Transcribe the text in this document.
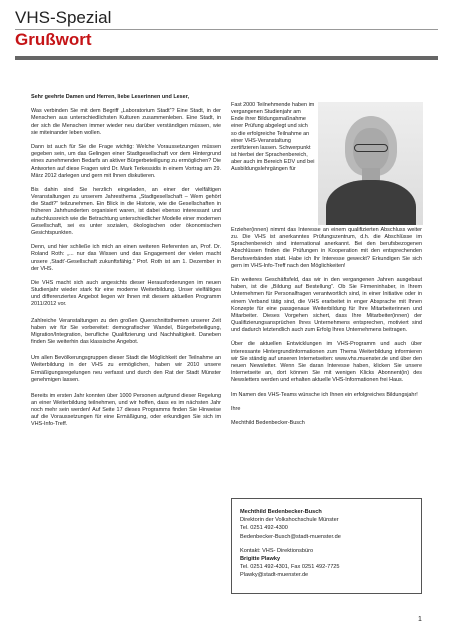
VHS-Spezial
Grußwort

Sehr geehrte Damen und Herren, liebe Leserinnen und Leser,

Was verbinden Sie mit dem Begriff „Laboratorium Stadt“? Eine Stadt, in der Menschen aus unterschiedlichsten Kulturen zusammenleben. Eine Stadt, in der sich die Menschen immer wieder neu darüber verständigen müssen, wie sie miteinander leben wollen.

Dann ist auch für Sie die Frage wichtig: Welche Voraussetzungen müssen gegeben sein, um das Gelingen einer Stadtgesellschaft vor dem Hintergrund eines zunehmenden Bedarfs an aktiver Bürgerbeteiligung zu ermöglichen? Die Antworten auf diese Fragen wird Dr. Mark Terkessidis in einem Vortrag am 29. März 2012 darlegen und gern mit Ihnen diskutieren.

Bis dahin sind Sie herzlich eingeladen, an einer der vielfältigen Veranstaltungen zu unserem Jahresthema „Stadtgesellschaft – Wem gehört die Stadt?“ teilzunehmen. Ein Blick in die Historie, wie die Gesellschaften in früheren Jahrhunderten organisiert waren, ist dabei ebenso interessant und aufschlussreich wie die Betrachtung unterschiedlicher Modelle einer modernen Gesellschaft, sei es unter sozialen, ökologischen oder ökonomischen Gesichtspunkten.

Denn, und hier schließe ich mich an einen weiteren Referenten an, Prof. Dr. Roland Roth: „... nur das Wissen und das Engagement der vielen macht unsere ‚Stadt‘-Gesellschaft zukunftsfähig.“ Prof. Roth ist am 1. Dezember in der VHS.

Die VHS macht sich auch angesichts dieser Herausforderungen im neuen Studienjahr wieder stark für eine moderne Weiterbildung. Unser vielfältiges und differenziertes Angebot liegen wir Ihnen mit diesem aktuellen Programm 2011/2012 vor.

Zahlreiche Veranstaltungen zu den großen Querschnittsthemen unserer Zeit haben wir für Sie vorbereitet: demografischer Wandel, Bürgerbeteiligung, Migration/Integration, berufliche Qualifizierung und Nachhaltigkeit. Daneben finden Sie weiterhin das klassische Angebot.

Um allen Bevölkerungsgruppen dieser Stadt die Möglichkeit der Teilnahme an Weiterbildung in der VHS zu ermöglichen, haben wir 2010 unsere Ermäßigungsregelungen neu verfasst und durch den Rat der Stadt Münster genehmigen lassen.

Bereits im ersten Jahr konnten über 1000 Personen aufgrund dieser Regelung an einer Weiterbildung teilnehmen, und wir hoffen, dass es im nächsten Jahr noch mehr sein werden! Auf Seite 17 dieses Programms finden Sie Hinweise auf die Voraussetzungen für eine Ermäßigung, oder erkundigen Sie sich im VHS-Info-Treff.

Fast 2000 Teilnehmende haben im vergangenen Studienjahr am Ende ihrer Bildungsmaßnahme einer Prüfung abgelegt und sich so die erfolgreiche Teilnahme an einer VHS-Veranstaltung zertifizieren lassen. Schwerpunkt ist hierbei der Sprachenbereich, aber auch im Bereich EDV und bei Ausbildungslehrgängen für

Erzieher(innen) nimmt das Interesse an einem qualifizierten Abschluss weiter zu. Die VHS ist anerkanntes Prüfungszentrum, d.h. die Abschlüsse im Sprachenbereich sind international anerkannt. Bei den berufsbezogenen Abschlüssen finden die Prüfungen in Kooperation mit den entsprechenden Berufsverbänden statt. Habe ich Ihr Interesse geweckt? Erkundigen Sie sich gern im VHS-Info-Treff nach den Möglichkeiten!

Ein weiteres Geschäftsfeld, das wir in den vergangenen Jahren ausgebaut haben, ist die „Bildung auf Bestellung“. Ob Sie Firmeninhaber, in Ihrem Unternehmen für Personalfragen verantwortlich sind, in einer Initiative oder in einem Verband tätig sind, die VHS erarbeitet in enger Absprache mit Ihnen Konzepte für eine passgenaue Weiterbildung für Ihre Mitarbeiterinnen und Mitarbeiter. Dieses Vorgehen sichert, dass Ihre Mitarbeiter(innen) der Qualifizierungsansprüchen Ihres Unternehmens entsprechen, motiviert sind und dadurch letztendlich auch zum Erfolg Ihres Unternehmens beitragen.

Über die aktuellen Entwicklungen im VHS-Programm und auch über interessante Hintergrundinformationen zum Thema Weiterbildung informieren wir Sie ständig auf unseren Internetseiten: www.vhs.muenster.de und über den neuen Newsletter. Wenn Sie daran Interesse haben, klicken Sie unsere Internetseite an, dort können Sie mit wenigen Klicks Abonnent(in) des Newsletters werden und erhalten aktuelle VHS-Informationen frei Haus.

Im Namen des VHS-Teams wünsche ich Ihnen ein erfolgreiches Bildungsjahr!

Ihre

Mechthild Bedenbecker-Busch

Mechthild Bedenbecker-Busch
Direktorin der Volkshochschule Münster
Tel. 0251 492-4300
Bedenbecker-Busch@stadt-muenster.de
Kontakt: VHS- Direktionsbüro
Brigitte Plawky
Tel. 0251 492-4301, Fax 0251 492-7725
Plawky@stadt-muenster.de
1
